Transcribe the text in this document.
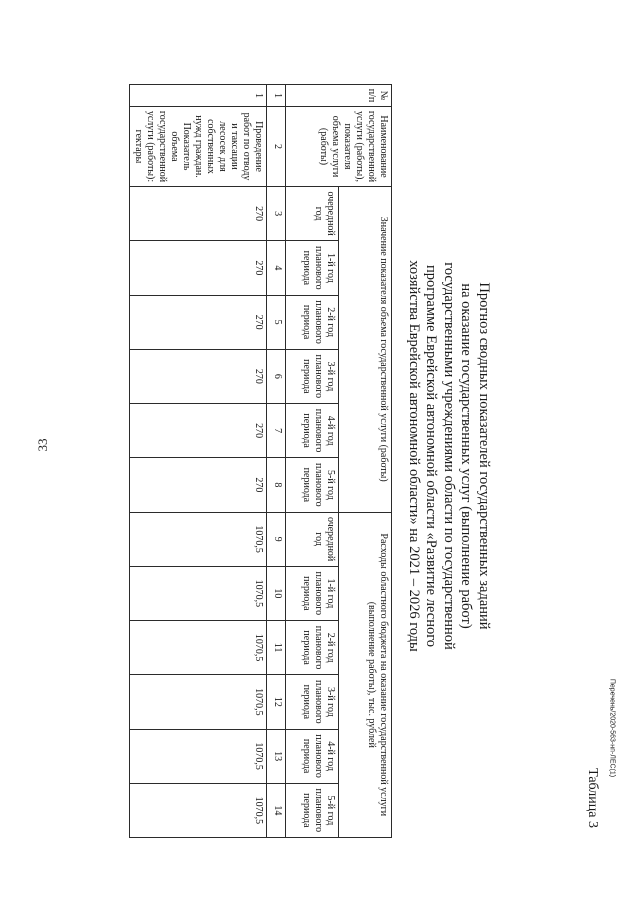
33
Перечень/2020-563-нп-ЛЕС(1)
Таблица 3
Прогноз сводных показателей государственных заданий
на оказание государственных услуг (выполнение работ)
государственными учреждениями области по государственной
программе Еврейской автономной области «Развитие лесного
хозяйства Еврейской автономной области» на 2021 – 2026 годы
№ п/п	Наименование государственной услуги (работы), показателя объема услуги (работы)	Значение показателя объема государственной услуги (работы)						Расходы областного бюджета на оказание государственной услуги (выполнение работы), тыс. рублей					
		очередной год	1-й год планового периода	2-й год планового периода	3-й год планового периода	4-й год планового периода	5-й год планового периода	очередной год	1-й год планового периода	2-й год планового периода	3-й год планового периода	4-й год планового периода	5-й год планового периода
1	2	3	4	5	6	7	8	9	10	11	12	13	14
1	Проведение работ по отводу и таксации лесосек для собственных нужд граждан. Показатель объема государственной услуги (работы): гектары	270	270	270	270	270	270	1070,5	1070,5	1070,5	1070,5	1070,5	1070,5
